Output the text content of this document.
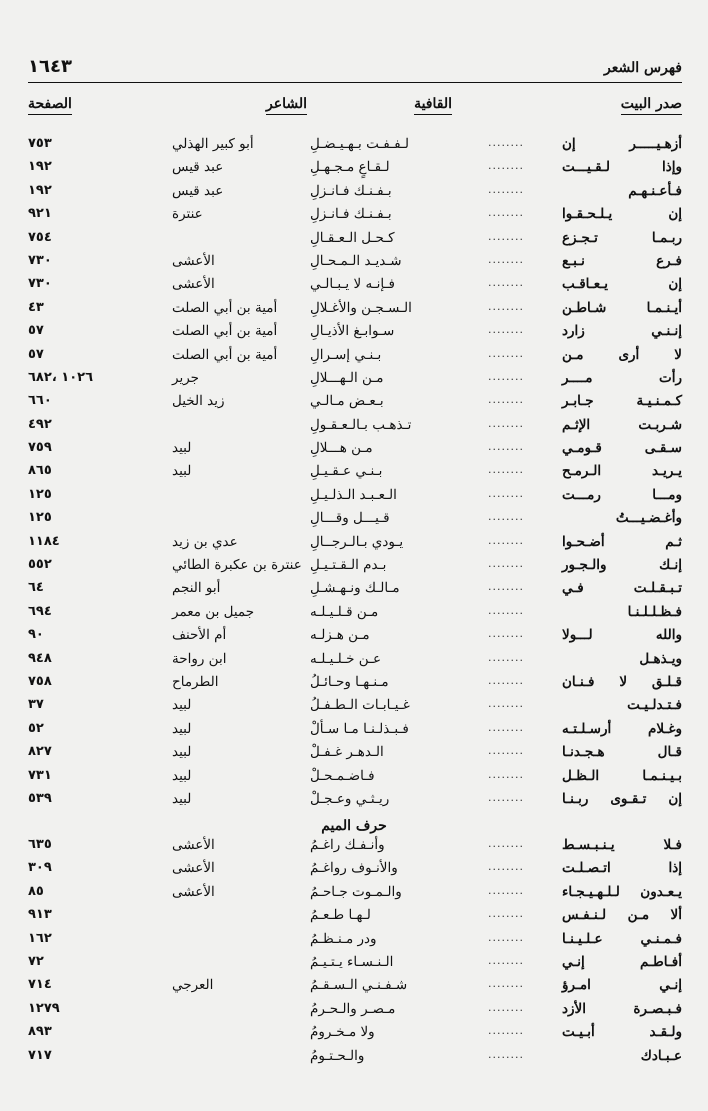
١٦٤٣	فهرس الشعر
صدر البيت
القافية
الشاعر
الصفحة
أزهـيـــــر إن
........
لـفـفـت بـهـيـضـلِ
أبو كبير الهذلي
٧٥٣
وإذا لـقـيـــت
........
لـقـاعٍ مـجـهـلِ
عبد قيس
١٩٢
فـأعـنـهـم
........
بـفـنـك فـانـزلِ
عبد قيس
١٩٢
إن يـلـحـقـوا
........
بـفـنـك فـانـزلِ
عنترة
٩٢١
ربـمـا تـجـزع
........
كـحـل الـعـقـالِ
٧٥٤
فـرع نـبـع
........
شـديـد الـمـحـالِ
الأعشى
٧٣٠
إن يـعـاقـب
........
فـإنـه لا يـبـالـي
الأعشى
٧٣٠
أيـنـمـا شـاطـن
........
الـسـجـن والأغـلالِ
أمية بن أبي الصلت
٤٣
إنـنـي زارد
........
سـوابـغ الأذيـالِ
أمية بن أبي الصلت
٥٧
لا أرى مـن
........
بـنـي إسـرالِ
أمية بن أبي الصلت
٥٧
رأت مــــر
........
مـن الـهـــلالِ
جرير
١٠٢٦ ،٦٨٢
كـمـنـيـة جـابـر
........
بـعـض مـالـي
زيد الخيل
٦٦٠
شـربـت الإثـم
........
تـذهـب بـالـعـقـولِ
٤٩٢
سـقـى قـومـي
........
مـن هـــلالِ
لبيد
٧٥٩
يـريـد الـرمـح
........
بـنـي عـقـيـلِ
لبيد
٨٦٥
ومـــا رمـــت
........
الـعـبـد الـذلـيـلِ
١٢٥
وأغـضـيـــتُ
........
قـيـــل وقـــالِ
١٢٥
ثـم أضـحـوا
........
يـودي بـالـرجــالِ
عدي بن زيد
١١٨٤
إنـك والـجـور
........
بـدم الـقـتـيـلِ
عنترة بن عكبرة الطائي
٥٥٢
تـبـقـلـت فـي
........
مـالـك ونـهـشـلِ
أبو النجم
٦٤
فـظـلـلـنـا
........
مـن قـلـيـلـه
جميل بن معمر
٦٩٤
والله لـــولا
........
مـن هـزلـه
أم الأحنف
٩٠
ويـذهـل
........
عـن خـلـيـلـه
ابن رواحة
٩٤٨
قـلـق لا فـنـان
........
مـنـهـا وحـائـلُ
الطرماح
٧٥٨
فـتـدلـيـت
........
غـيـابـات الـطـفـلُ
لبيد
٣٧
وغـلام أرسـلـتـه
........
فـبـذلـنـا مـا سـألْ
لبيد
٥٢
قـال هـجـدنـا
........
الـدهـر غـفـلْ
لبيد
٨٢٧
بـيـنـمـا الـظـل
........
فـاضـمـحـلْ
لبيد
٧٣١
إن تـقـوى ربـنـا
........
ريـثـي وعـجـلْ
لبيد
٥٣٩
حرف الميم
فـلا يـنـبـسـط
........
وأنـفـك راغـمُ
الأعشى
٦٣٥
إذا اتـصـلـت
........
والأنـوف رواغـمُ
الأعشى
٣٠٩
يـعـدون لـلـهـيـجـاء
........
والـمـوت جـاحـمُ
الأعشى
٨٥
ألا مـن لـنـفـس
........
لـهـا طـعـمُ
٩١٣
فـمـنـي عـلـيـنـا
........
ودر مـنـظـمُ
١٦٢
أفـاطـم إنـي
........
الـنـسـاء يـتـيـمُ
٧٢
إنـي امـرؤ
........
شـفـنـي الـسـقـمُ
العرجي
٧١٤
فـبـصـرة الأزد
........
مـصـر والـحـرمُ
١٢٧٩
ولـقـد أبـيـت
........
ولا مـخـرومُ
٨٩٣
عـبـادك
........
والـحـتـومُ
٧١٧
